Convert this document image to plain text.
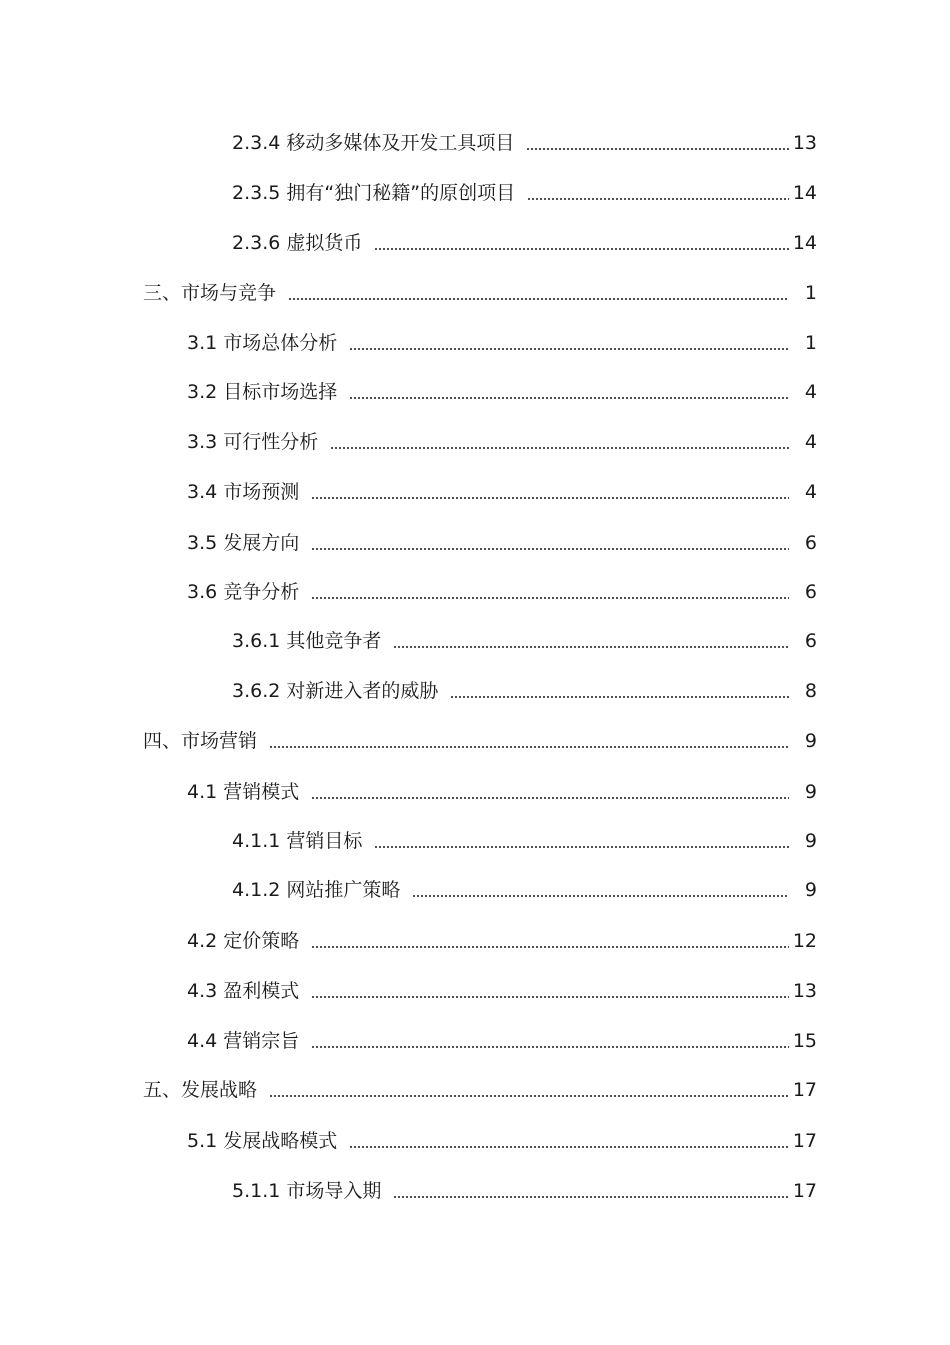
2.3.4 移动多媒体及开发工具项目	13
2.3.5 拥有“独门秘籍”的原创项目	14
2.3.6 虚拟货币	14
三、市场与竞争	1
3.1 市场总体分析	1
3.2 目标市场选择	4
3.3 可行性分析	4
3.4 市场预测	4
3.5 发展方向	6
3.6 竞争分析	6
3.6.1 其他竞争者	6
3.6.2 对新进入者的威胁	8
四、市场营销	9
4.1 营销模式	9
4.1.1 营销目标	9
4.1.2 网站推广策略	9
4.2 定价策略	12
4.3 盈利模式	13
4.4 营销宗旨	15
五、发展战略	17
5.1 发展战略模式	17
5.1.1 市场导入期	17
